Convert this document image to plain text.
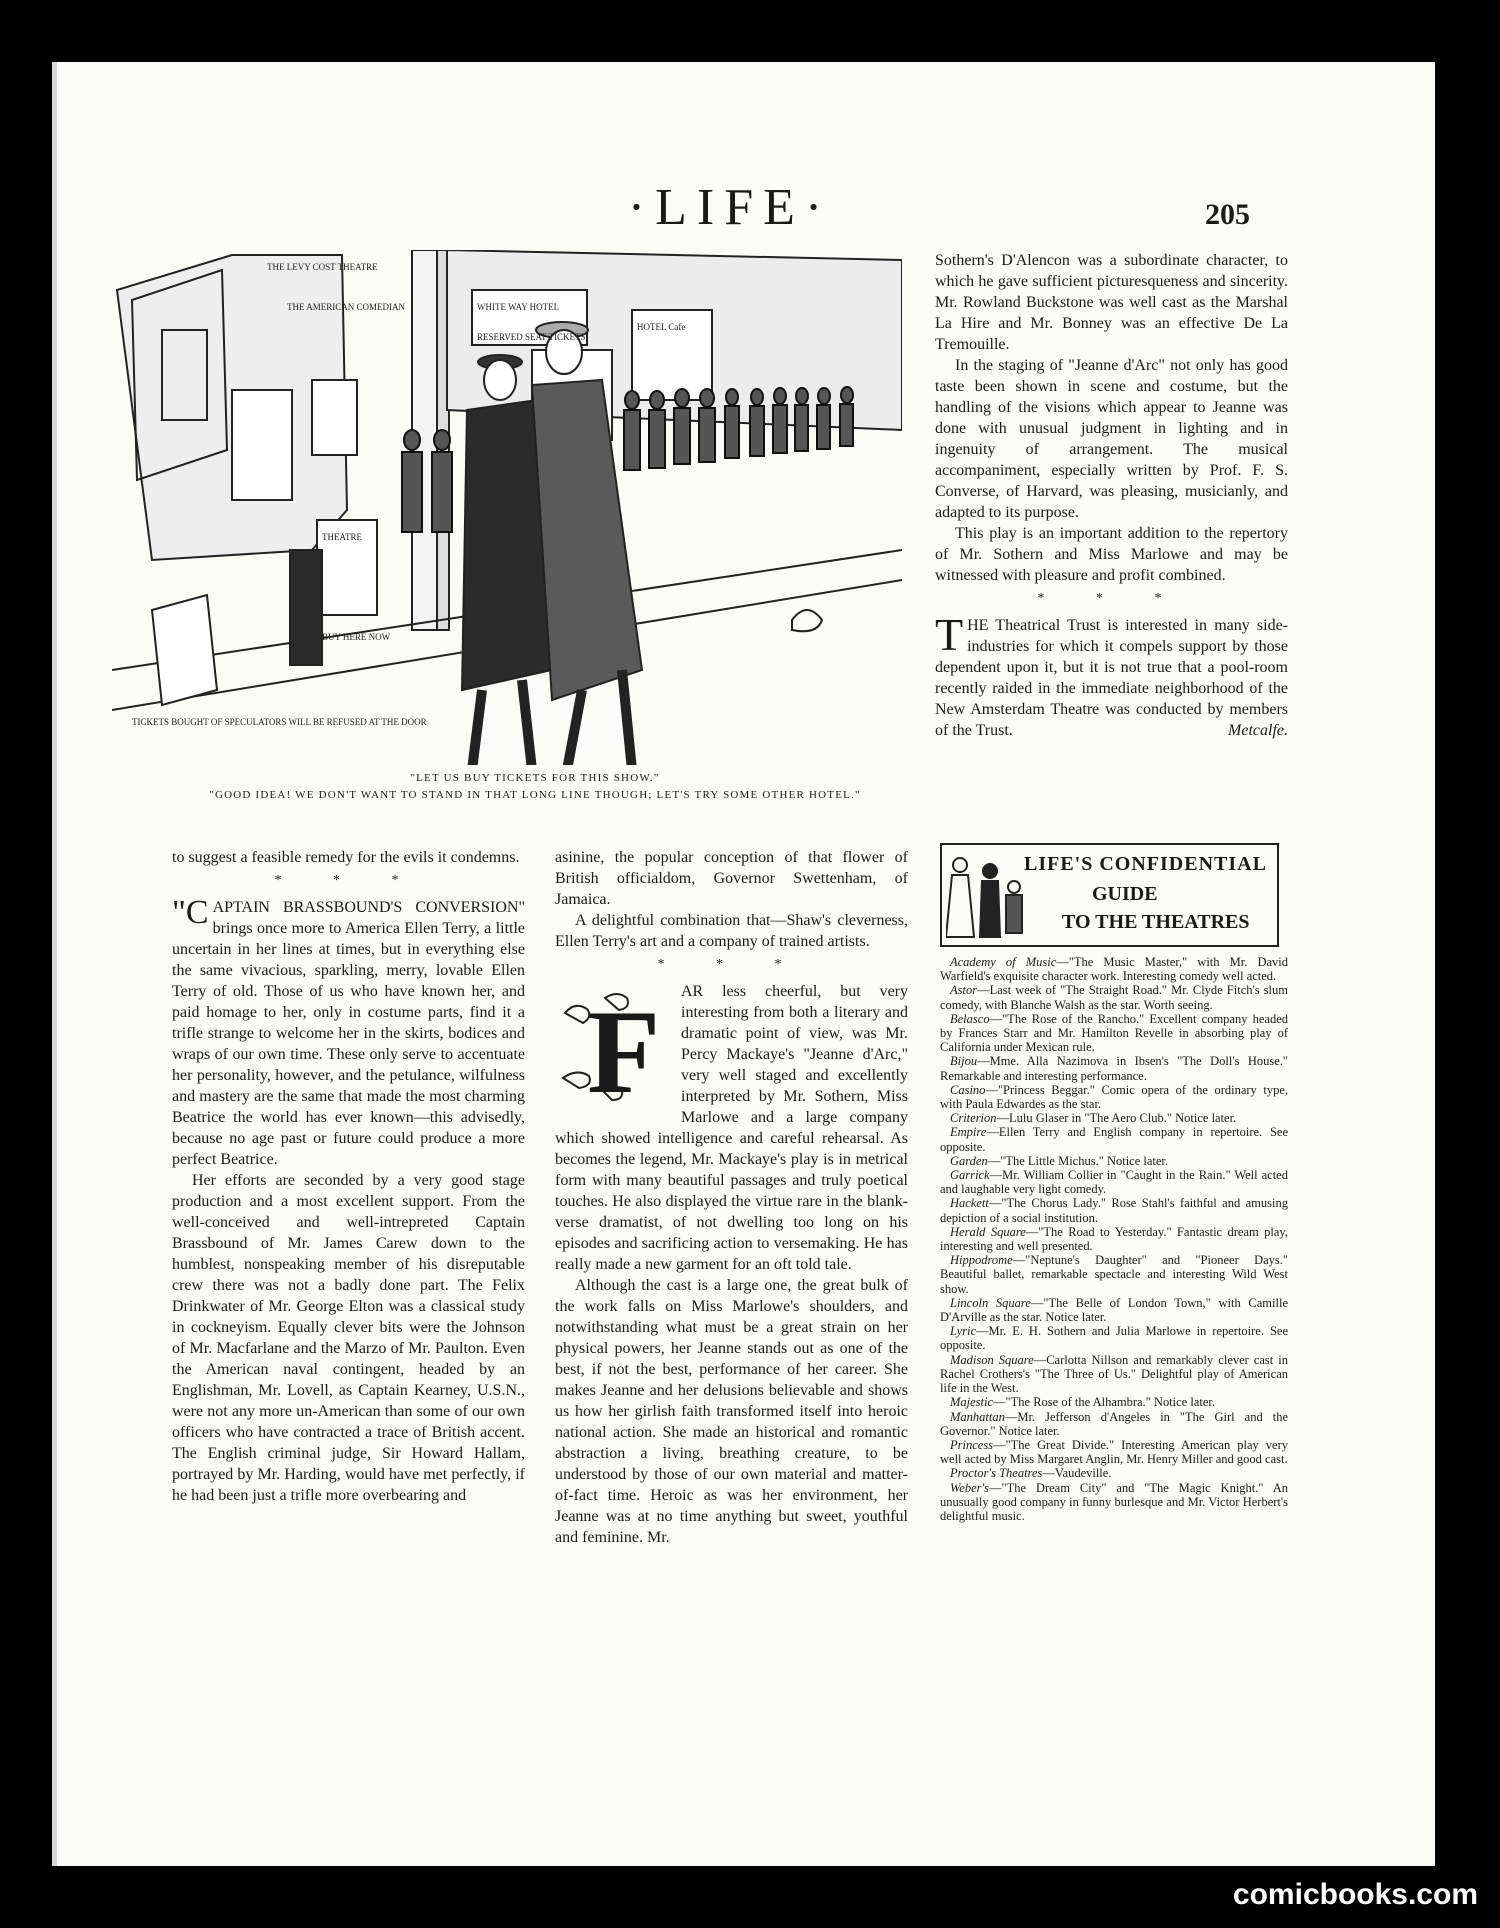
·LIFE·	205
THE LEVY COST THEATRE
THE AMERICAN COMEDIAN	WHITE WAY HOTEL
RESERVED SEAT TICKETS
HOTEL Cafe
TICKETS BOUGHT OF SPECULATORS WILL BE REFUSED AT THE DOOR
BUY HERE NOW
THEATRE
"LET US BUY TICKETS FOR THIS SHOW."
"GOOD IDEA! WE DON'T WANT TO STAND IN THAT LONG LINE THOUGH; LET'S TRY SOME OTHER HOTEL."

Sothern's D'Alencon was a subordinate character, to which he gave sufficient picturesqueness and sincerity. Mr. Rowland Buckstone was well cast as the Marshal La Hire and Mr. Bonney was an effective De La Tremouille.

In the staging of "Jeanne d'Arc" not only has good taste been shown in scene and costume, but the handling of the visions which appear to Jeanne was done with unusual judgment in lighting and in ingenuity of arrangement. The musical accompaniment, especially written by Prof. F. S. Converse, of Harvard, was pleasing, musicianly, and adapted to its purpose.

This play is an important addition to the repertory of Mr. Sothern and Miss Marlowe and may be witnessed with pleasure and profit combined.

* * *

THE Theatrical Trust is interested in many side-industries for which it compels support by those dependent upon it, but it is not true that a pool-room recently raided in the immediate neighborhood of the New Amsterdam Theatre was conducted by members of the Trust.	Metcalfe.

to suggest a feasible remedy for the evils it condemns.

* * *

"CAPTAIN BRASSBOUND'S CONVERSION" brings once more to America Ellen Terry, a little uncertain in her lines at times, but in everything else the same vivacious, sparkling, merry, lovable Ellen Terry of old. Those of us who have known her, and paid homage to her, only in costume parts, find it a trifle strange to welcome her in the skirts, bodices and wraps of our own time. These only serve to accentuate her personality, however, and the petulance, wilfulness and mastery are the same that made the most charming Beatrice the world has ever known—this advisedly, because no age past or future could produce a more perfect Beatrice.

Her efforts are seconded by a very good stage production and a most excellent support. From the well-conceived and well-intrepreted Captain Brassbound of Mr. James Carew down to the humblest, nonspeaking member of his disreputable crew there was not a badly done part. The Felix Drinkwater of Mr. George Elton was a classical study in cockneyism. Equally clever bits were the Johnson of Mr. Macfarlane and the Marzo of Mr. Paulton. Even the American naval contingent, headed by an Englishman, Mr. Lovell, as Captain Kearney, U.S.N., were not any more un-American than some of our own officers who have contracted a trace of British accent. The English criminal judge, Sir Howard Hallam, portrayed by Mr. Harding, would have met perfectly, if he had been just a trifle more overbearing and

asinine, the popular conception of that flower of British officialdom, Governor Swettenham, of Jamaica.

A delightful combination that—Shaw's cleverness, Ellen Terry's art and a company of trained artists.

* * *

F AR less cheerful, but very interesting from both a literary and dramatic point of view, was Mr. Percy Mackaye's "Jeanne d'Arc," very well staged and excellently interpreted by Mr. Sothern, Miss Marlowe and a large company which showed intelligence and careful rehearsal. As becomes the legend, Mr. Mackaye's play is in metrical form with many beautiful passages and truly poetical touches. He also displayed the virtue rare in the blank-verse dramatist, of not dwelling too long on his episodes and sacrificing action to versemaking. He has really made a new garment for an oft told tale.

Although the cast is a large one, the great bulk of the work falls on Miss Marlowe's shoulders, and notwithstanding what must be a great strain on her physical powers, her Jeanne stands out as one of the best, if not the best, performance of her career. She makes Jeanne and her delusions believable and shows us how her girlish faith transformed itself into heroic national action. She made an historical and romantic abstraction a living, breathing creature, to be understood by those of our own material and matter-of-fact time. Heroic as was her environment, her Jeanne was at no time anything but sweet, youthful and feminine. Mr.

LIFE'S CONFIDENTIAL
GUIDE
TO THE THEATRES

Academy of Music—"The Music Master," with Mr. David Warfield's exquisite character work. Interesting comedy well acted.

Astor—Last week of "The Straight Road." Mr. Clyde Fitch's slum comedy, with Blanche Walsh as the star. Worth seeing.

Belasco—"The Rose of the Rancho." Excellent company headed by Frances Starr and Mr. Hamilton Revelle in absorbing play of California under Mexican rule.

Bijou—Mme. Alla Nazimova in Ibsen's "The Doll's House." Remarkable and interesting performance.

Casino—"Princess Beggar." Comic opera of the ordinary type, with Paula Edwardes as the star.

Criterion—Lulu Glaser in "The Aero Club." Notice later.

Empire—Ellen Terry and English company in repertoire. See opposite.

Garden—"The Little Michus." Notice later.

Garrick—Mr. William Collier in "Caught in the Rain." Well acted and laughable very light comedy.

Hackett—"The Chorus Lady." Rose Stahl's faithful and amusing depiction of a social institution.

Herald Square—"The Road to Yesterday." Fantastic dream play, interesting and well presented.

Hippodrome—"Neptune's Daughter" and "Pioneer Days." Beautiful ballet, remarkable spectacle and interesting Wild West show.

Lincoln Square—"The Belle of London Town," with Camille D'Arville as the star. Notice later.

Lyric—Mr. E. H. Sothern and Julia Marlowe in repertoire. See opposite.

Madison Square—Carlotta Nillson and remarkably clever cast in Rachel Crothers's "The Three of Us." Delightful play of American life in the West.

Majestic—"The Rose of the Alhambra." Notice later.

Manhattan—Mr. Jefferson d'Angeles in "The Girl and the Governor." Notice later.

Princess—"The Great Divide." Interesting American play very well acted by Miss Margaret Anglin, Mr. Henry Miller and good cast.

Proctor's Theatres—Vaudeville.

Weber's—"The Dream City" and "The Magic Knight." An unusually good company in funny burlesque and Mr. Victor Herbert's delightful music.

comicbooks.com
